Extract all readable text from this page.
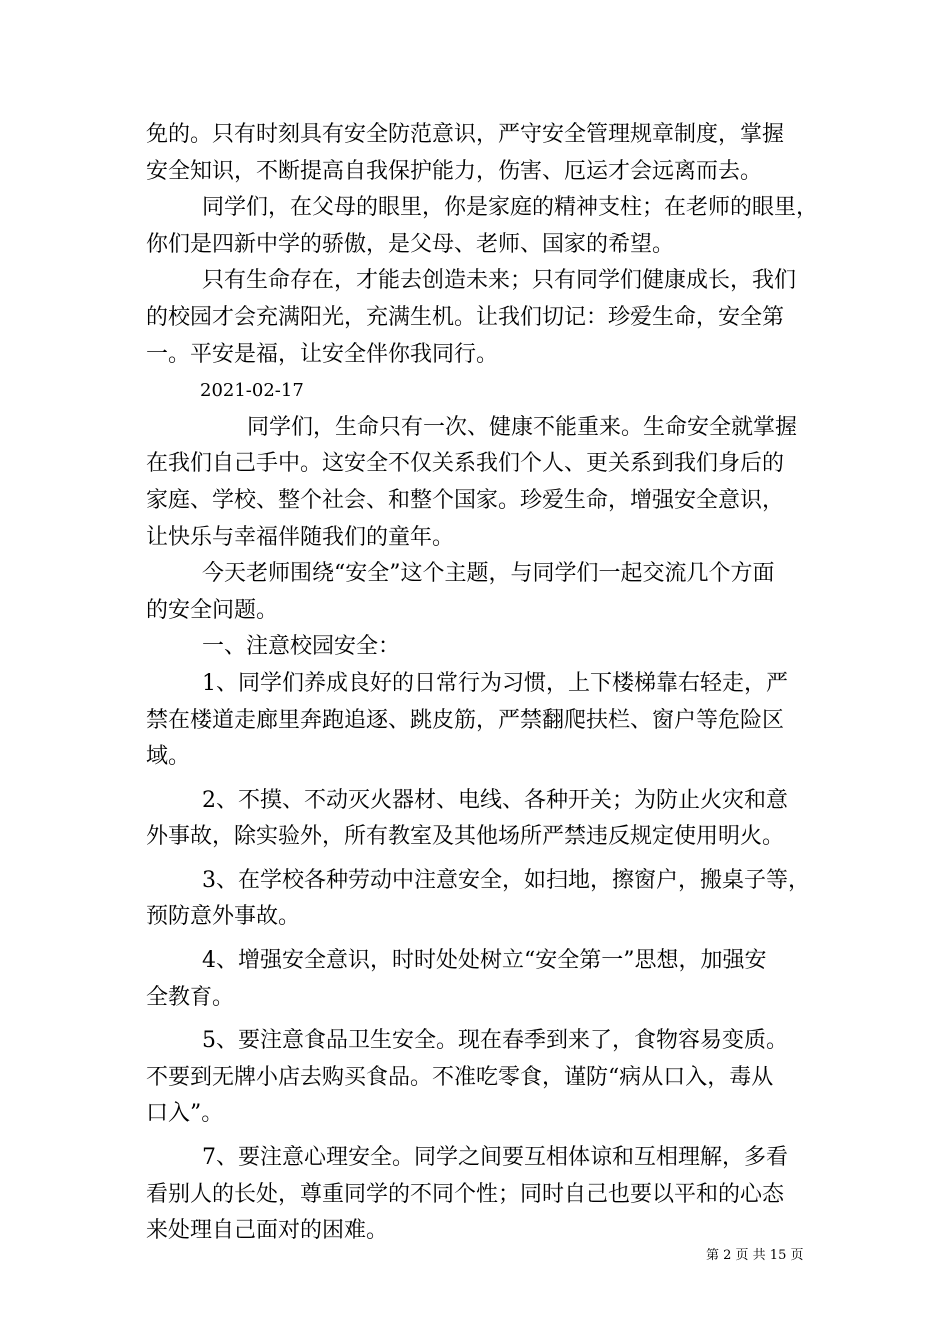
免的。只有时刻具有安全防范意识，严守安全管理规章制度，掌握
安全知识，不断提高自我保护能力，伤害、厄运才会远离而去。
同学们，在父母的眼里，你是家庭的精神支柱；在老师的眼里，
你们是四新中学的骄傲，是父母、老师、国家的希望。
只有生命存在，才能去创造未来；只有同学们健康成长，我们
的校园才会充满阳光，充满生机。让我们切记：珍爱生命，安全第
一。平安是福，让安全伴你我同行。
2021-02-17
同学们，生命只有一次、健康不能重来。生命安全就掌握
在我们自己手中。这安全不仅关系我们个人、更关系到我们身后的
家庭、学校、整个社会、和整个国家。珍爱生命，增强安全意识，
让快乐与幸福伴随我们的童年。
今天老师围绕“安全”这个主题，与同学们一起交流几个方面
的安全问题。
一、注意校园安全：
1、同学们养成良好的日常行为习惯，上下楼梯靠右轻走，严
禁在楼道走廊里奔跑追逐、跳皮筋，严禁翻爬扶栏、窗户等危险区
域。
2、不摸、不动灭火器材、电线、各种开关；为防止火灾和意
外事故，除实验外，所有教室及其他场所严禁违反规定使用明火。
3、在学校各种劳动中注意安全，如扫地，擦窗户，搬桌子等，
预防意外事故。
4、增强安全意识，时时处处树立“安全第一”思想，加强安
全教育。
5、要注意食品卫生安全。现在春季到来了，食物容易变质。
不要到无牌小店去购买食品。不准吃零食，谨防“病从口入，毒从
口入”。
7、要注意心理安全。同学之间要互相体谅和互相理解，多看
看别人的长处，尊重同学的不同个性；同时自己也要以平和的心态
来处理自己面对的困难。
第 2 页 共 15 页
